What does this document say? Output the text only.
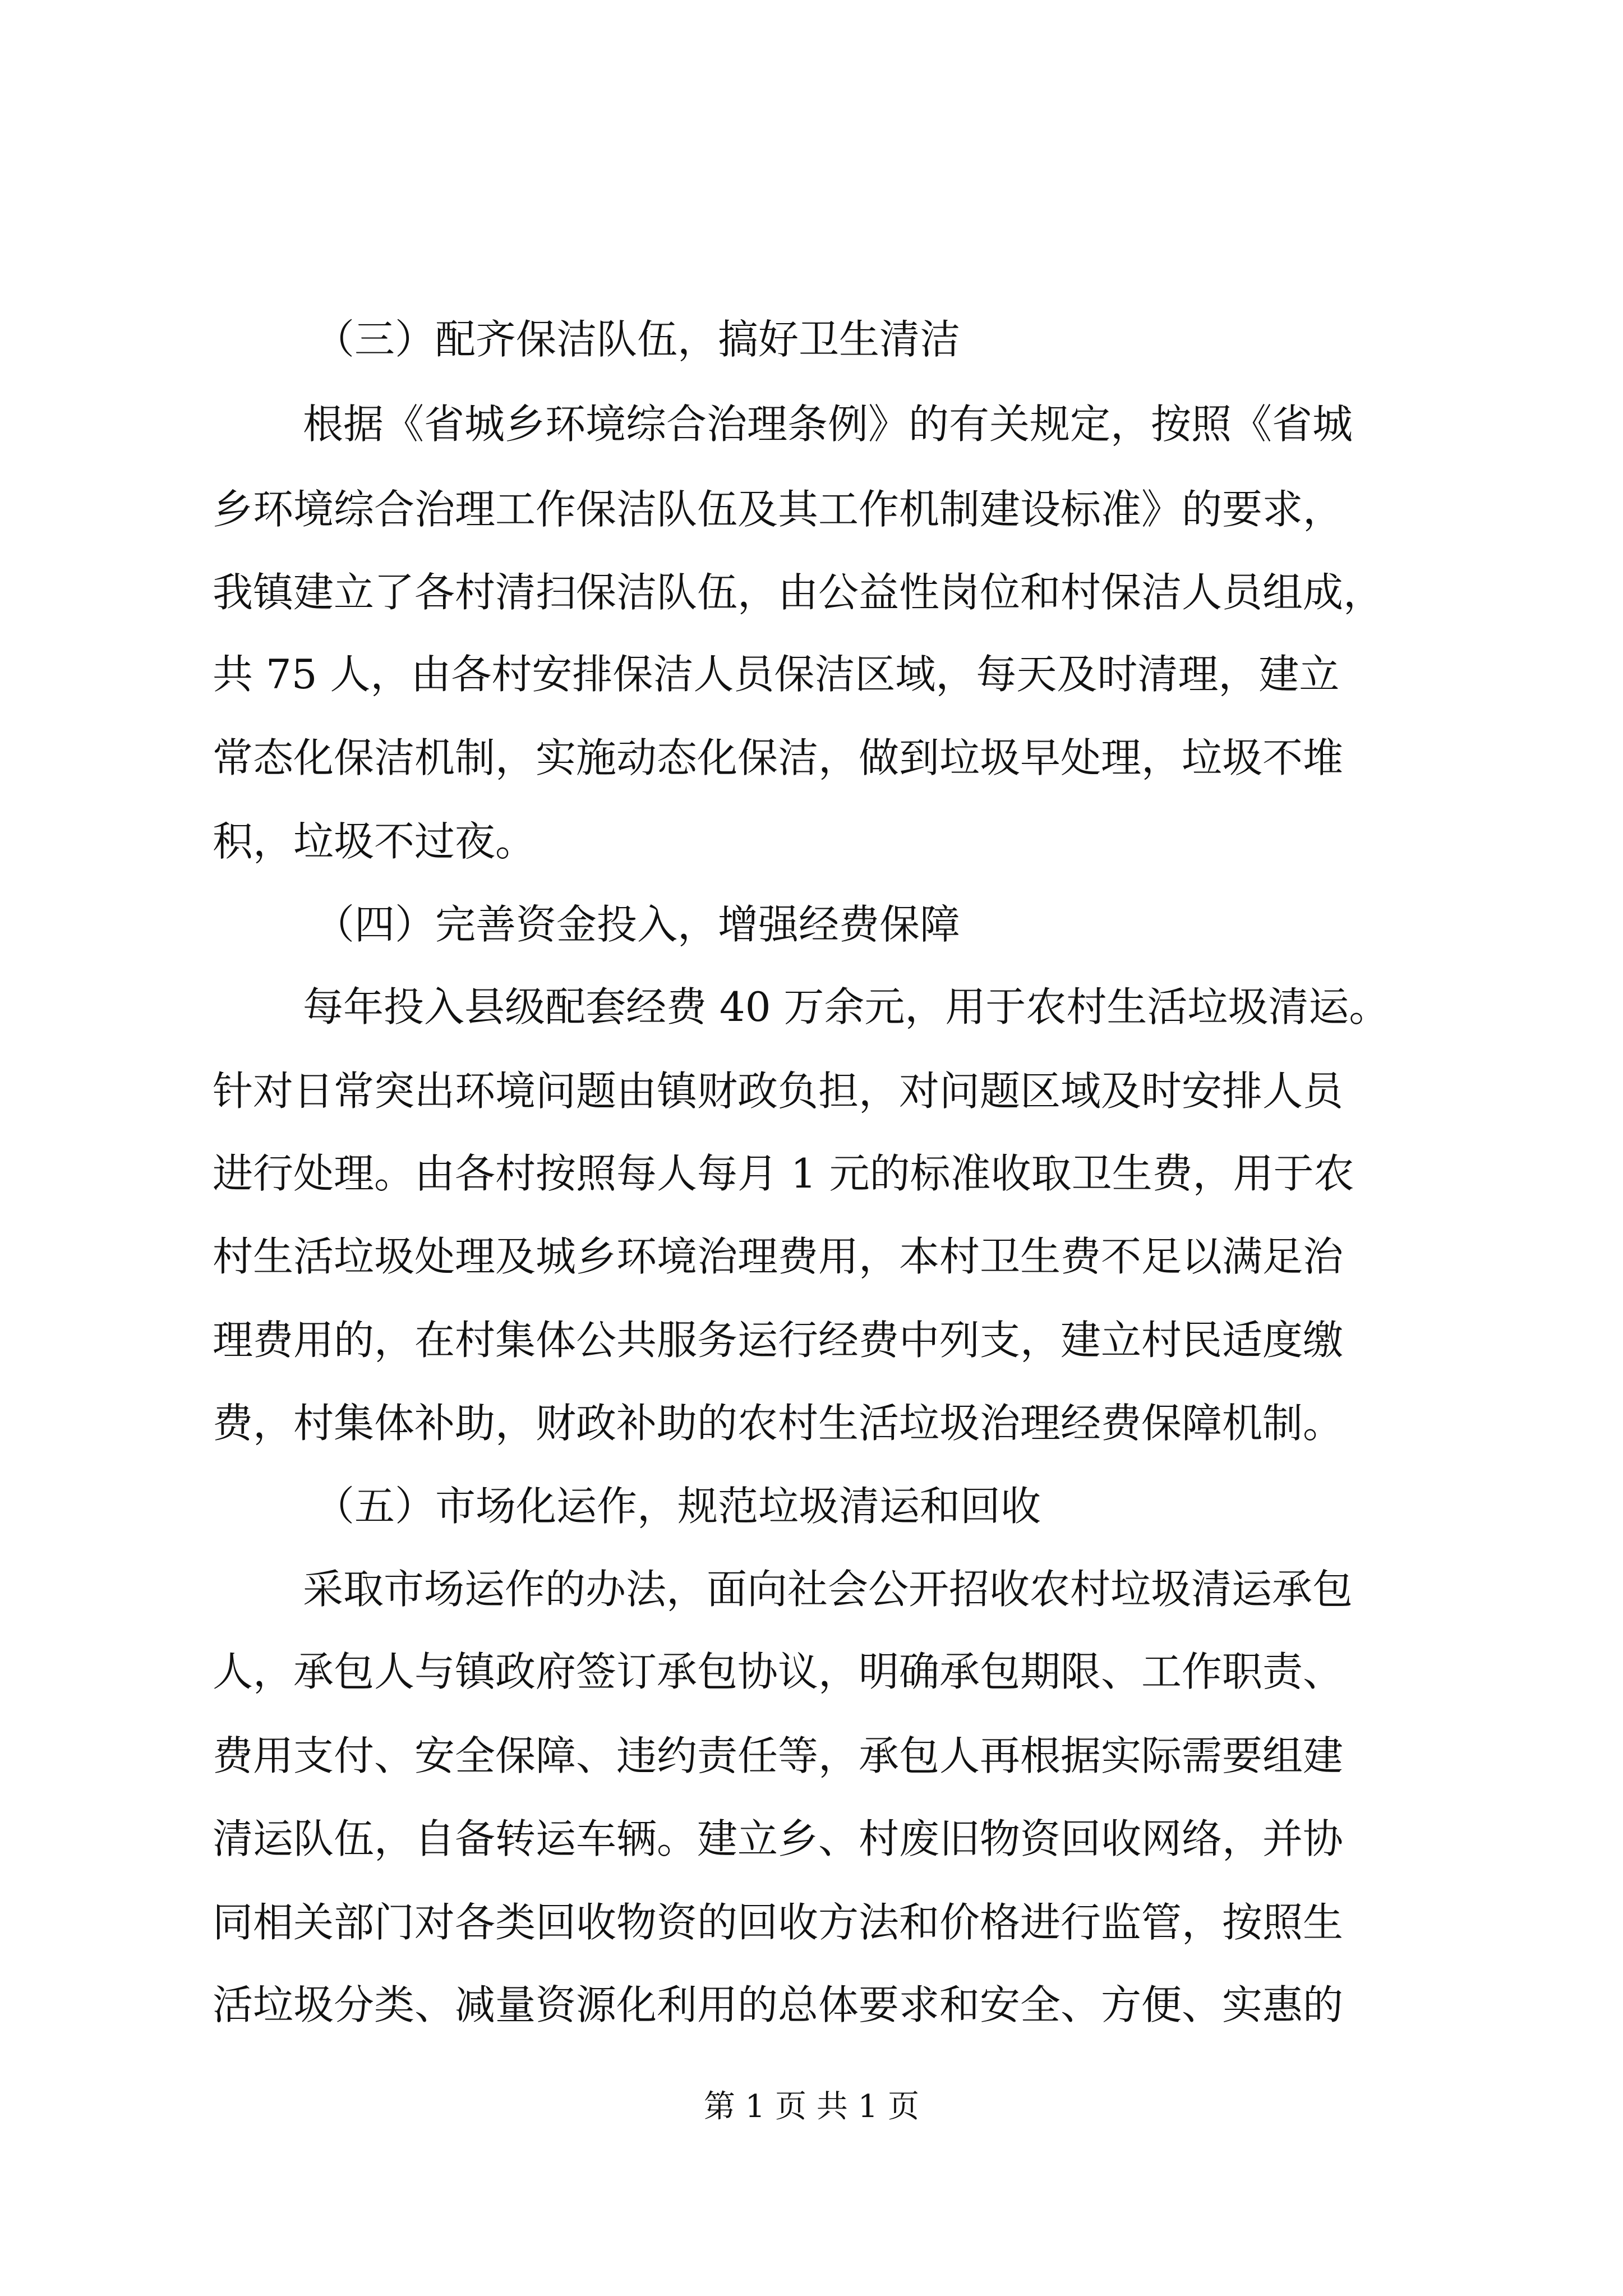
（三）配齐保洁队伍，搞好卫生清洁
根据《省城乡环境综合治理条例》的有关规定，按照《省城
乡环境综合治理工作保洁队伍及其工作机制建设标准》的要求，
我镇建立了各村清扫保洁队伍，由公益性岗位和村保洁人员组成，
共 75 人，由各村安排保洁人员保洁区域，每天及时清理，建立
常态化保洁机制，实施动态化保洁，做到垃圾早处理，垃圾不堆
积，垃圾不过夜。
（四）完善资金投入，增强经费保障
每年投入县级配套经费 40 万余元，用于农村生活垃圾清运。
针对日常突出环境问题由镇财政负担，对问题区域及时安排人员
进行处理。由各村按照每人每月 1 元的标准收取卫生费，用于农
村生活垃圾处理及城乡环境治理费用，本村卫生费不足以满足治
理费用的，在村集体公共服务运行经费中列支，建立村民适度缴
费，村集体补助，财政补助的农村生活垃圾治理经费保障机制。
（五）市场化运作，规范垃圾清运和回收
采取市场运作的办法，面向社会公开招收农村垃圾清运承包
人，承包人与镇政府签订承包协议，明确承包期限、工作职责、
费用支付、安全保障、违约责任等，承包人再根据实际需要组建
清运队伍，自备转运车辆。建立乡、村废旧物资回收网络，并协
同相关部门对各类回收物资的回收方法和价格进行监管，按照生
活垃圾分类、减量资源化利用的总体要求和安全、方便、实惠的
第 1 页 共 1 页
